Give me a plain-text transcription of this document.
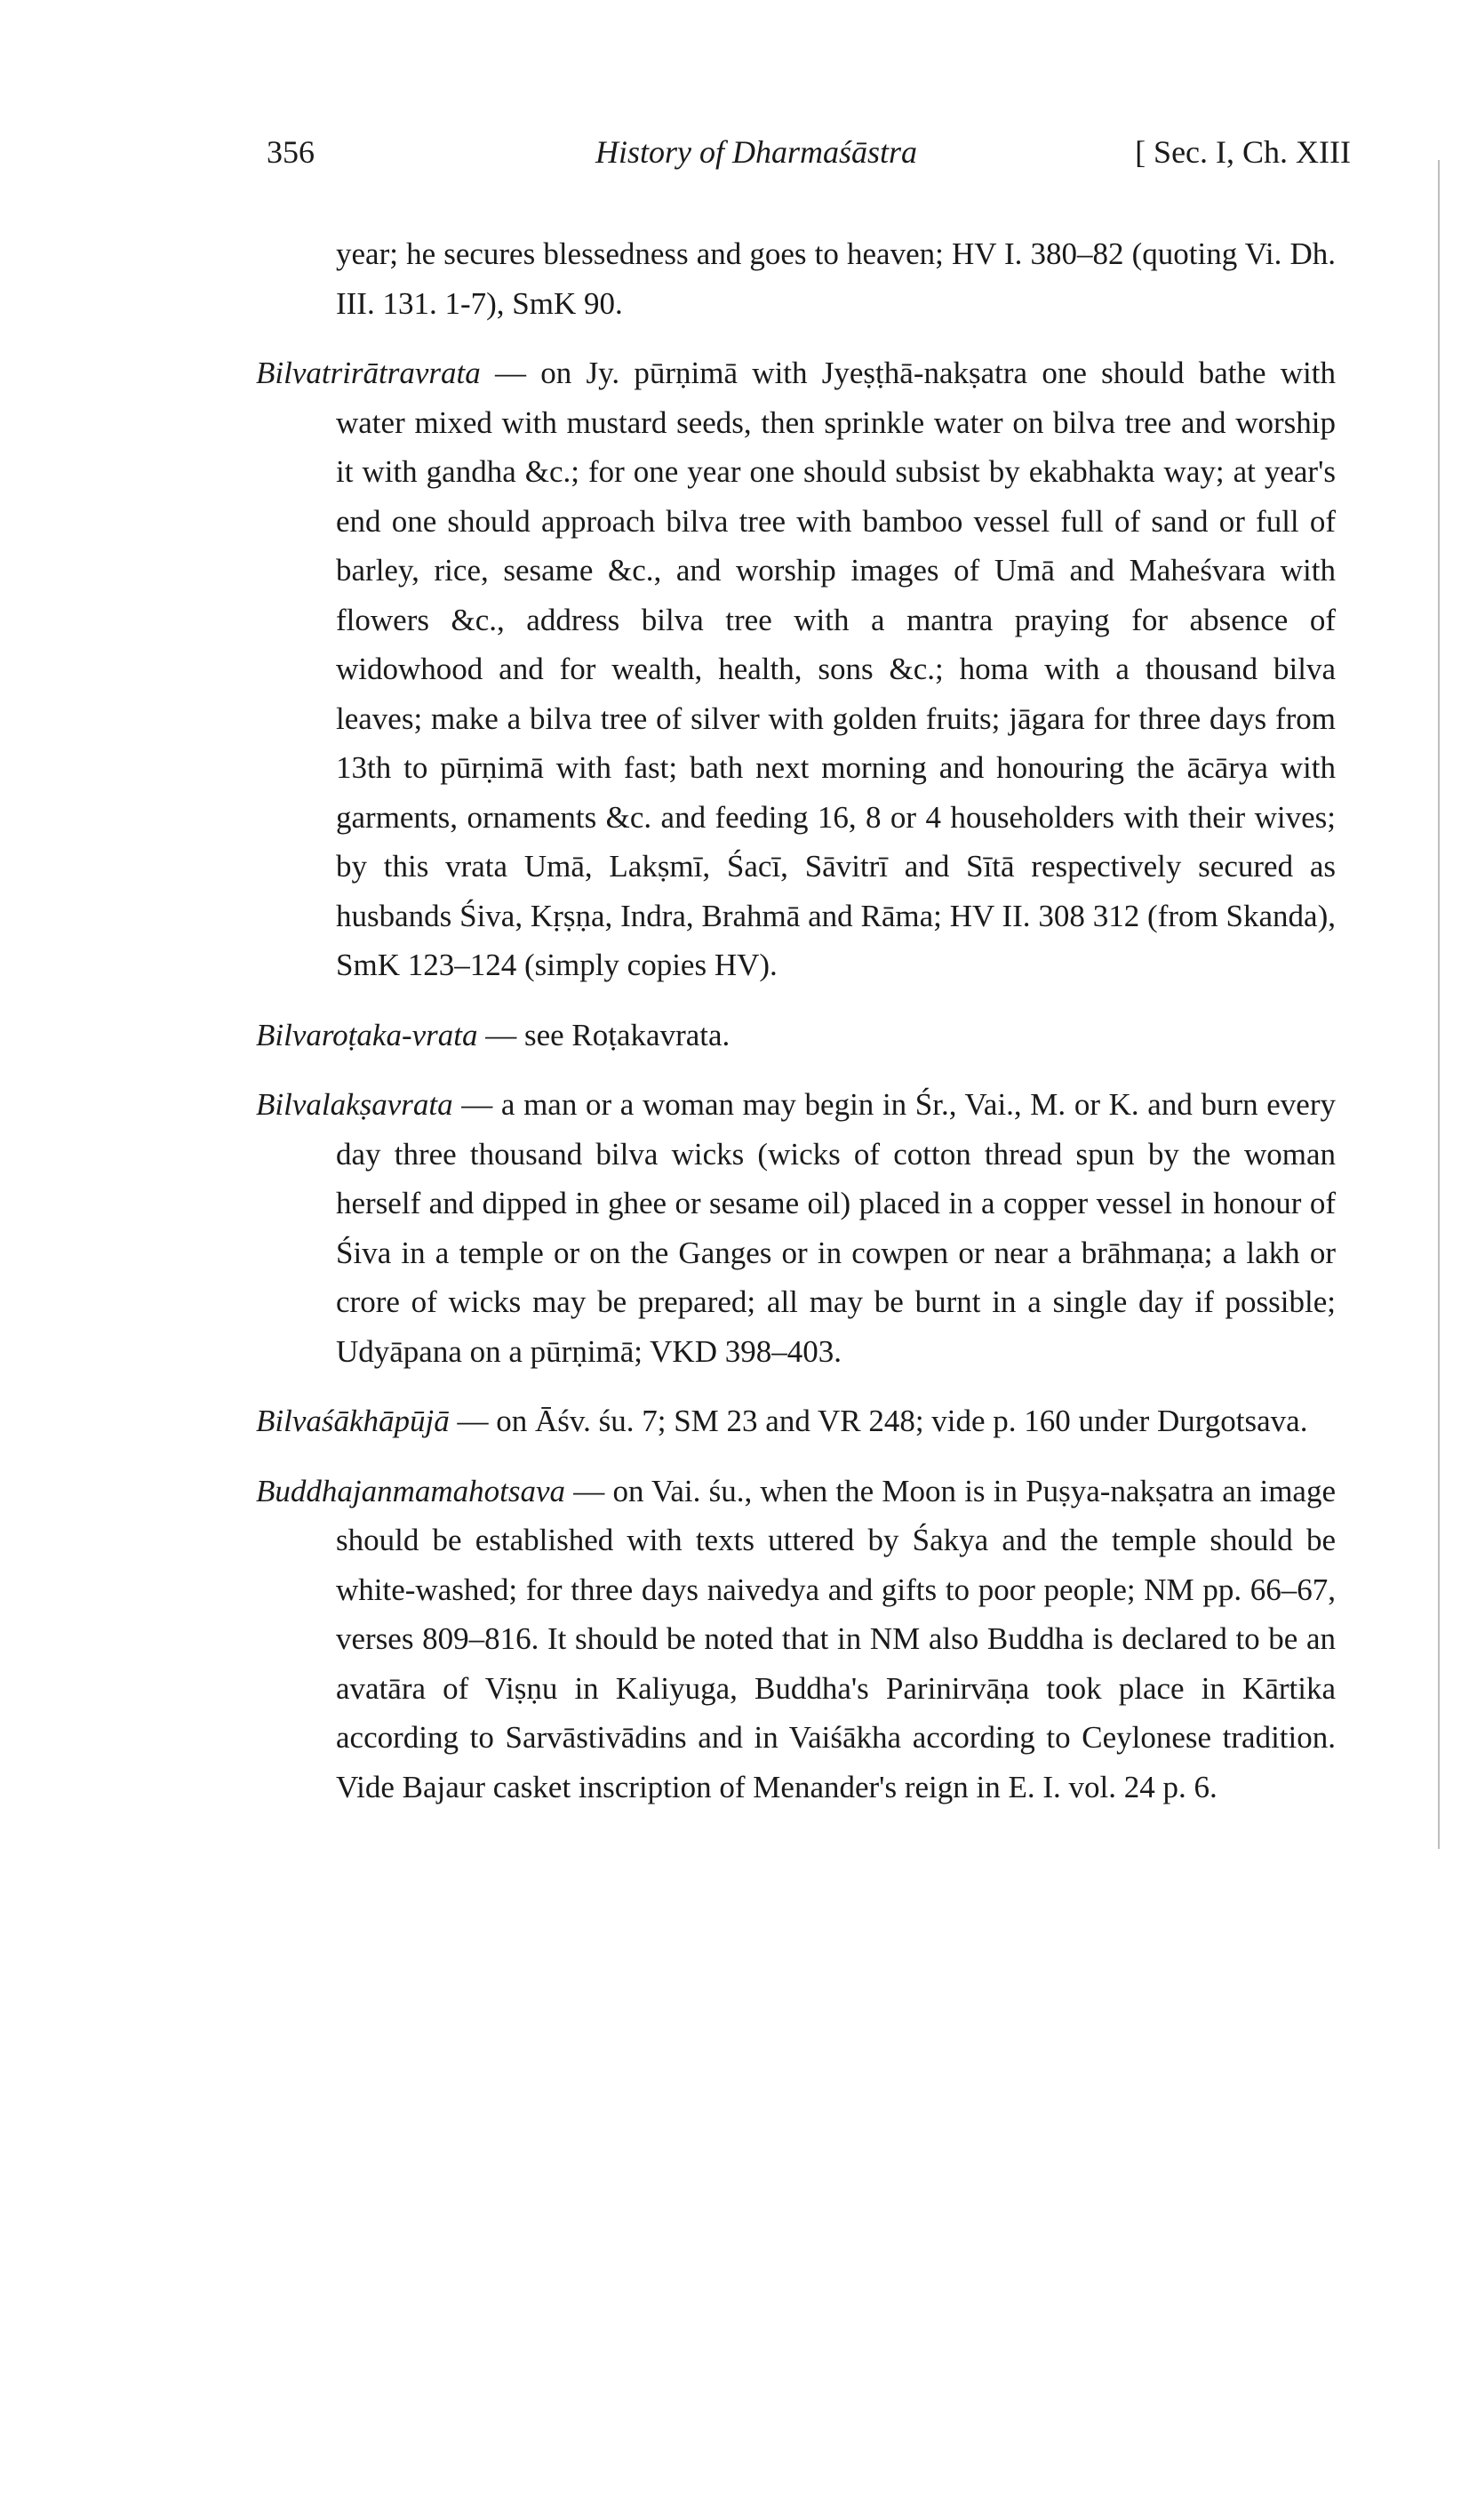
356	History of Dharmaśāstra	[ Sec. I, Ch. XIII

year; he secures blessedness and goes to heaven; HV I. 380–82 (quoting Vi. Dh. III. 131. 1-7), SmK 90.

Bilvatrirātravrata — on Jy. pūrṇimā with Jyeṣṭhā-nakṣatra one should bathe with water mixed with mustard seeds, then sprinkle water on bilva tree and worship it with gandha &c.; for one year one should subsist by ekabhakta way; at year's end one should approach bilva tree with bamboo vessel full of sand or full of barley, rice, sesame &c., and worship images of Umā and Maheśvara with flowers &c., address bilva tree with a mantra praying for absence of widowhood and for wealth, health, sons &c.; homa with a thousand bilva leaves; make a bilva tree of silver with golden fruits; jāgara for three days from 13th to pūrṇimā with fast; bath next morning and honouring the ācārya with garments, ornaments &c. and feeding 16, 8 or 4 householders with their wives; by this vrata Umā, Lakṣmī, Śacī, Sāvitrī and Sītā respectively secured as husbands Śiva, Kṛṣṇa, Indra, Brahmā and Rāma; HV II. 308 312 (from Skanda), SmK 123–124 (simply copies HV).

Bilvaroṭaka-vrata — see Roṭakavrata.

Bilvalakṣavrata — a man or a woman may begin in Śr., Vai., M. or K. and burn every day three thousand bilva wicks (wicks of cotton thread spun by the woman herself and dipped in ghee or sesame oil) placed in a copper vessel in honour of Śiva in a temple or on the Ganges or in cowpen or near a brāhmaṇa; a lakh or crore of wicks may be prepared; all may be burnt in a single day if possible; Udyāpana on a pūrṇimā; VKD 398–403.

Bilvaśākhāpūjā — on Āśv. śu. 7; SM 23 and VR 248; vide p. 160 under Durgotsava.

Buddhajanmamahotsava — on Vai. śu., when the Moon is in Puṣya-nakṣatra an image should be established with texts uttered by Śakya and the temple should be white-washed; for three days naivedya and gifts to poor people; NM pp. 66–67, verses 809–816. It should be noted that in NM also Buddha is declared to be an avatāra of Viṣṇu in Kaliyuga, Buddha's Parinirvāṇa took place in Kārtika according to Sarvāstivādins and in Vaiśākha according to Ceylonese tradition. Vide Bajaur casket inscription of Menander's reign in E. I. vol. 24 p. 6.
